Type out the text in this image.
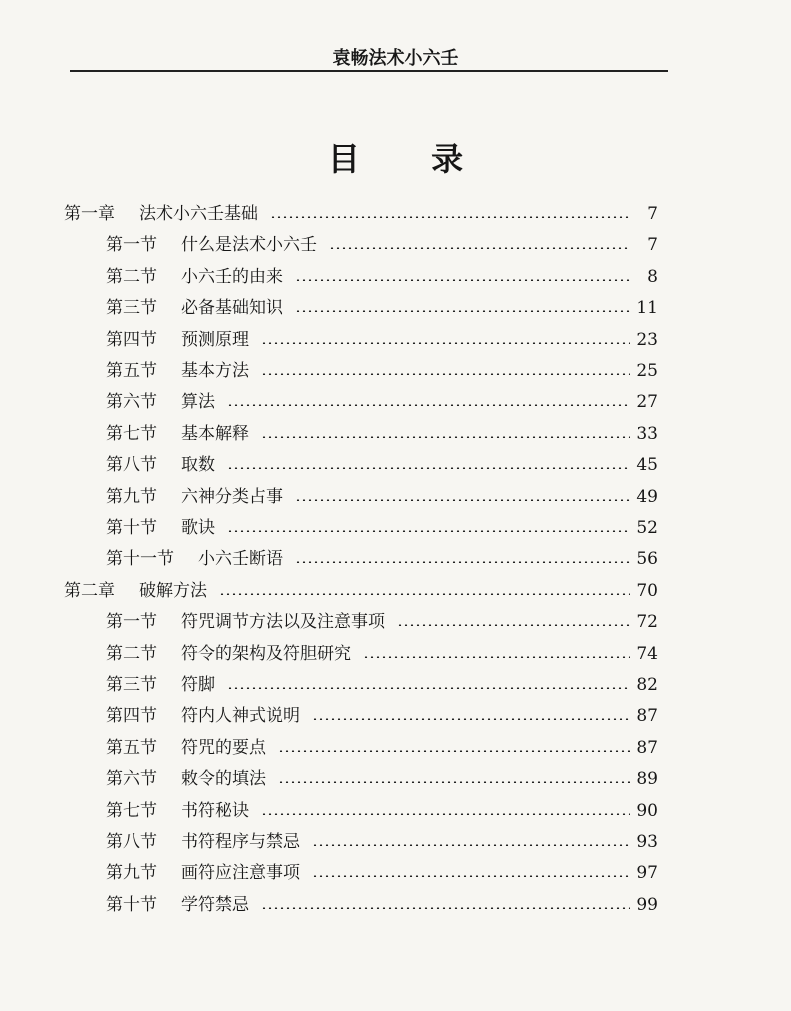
袁畅法术小六壬
目 录
第一章 法术小六壬基础	7
第一节 什么是法术小六壬	7
第二节 小六壬的由来	8
第三节 必备基础知识	11
第四节 预测原理	23
第五节 基本方法	25
第六节 算法	27
第七节 基本解释	33
第八节 取数	45
第九节 六神分类占事	49
第十节 歌诀	52
第十一节 小六壬断语	56
第二章 破解方法	70
第一节 符咒调节方法以及注意事项	72
第二节 符令的架构及符胆研究	74
第三节 符脚	82
第四节 符内人神式说明	87
第五节 符咒的要点	87
第六节 敕令的填法	89
第七节 书符秘诀	90
第八节 书符程序与禁忌	93
第九节 画符应注意事项	97
第十节 学符禁忌	99
